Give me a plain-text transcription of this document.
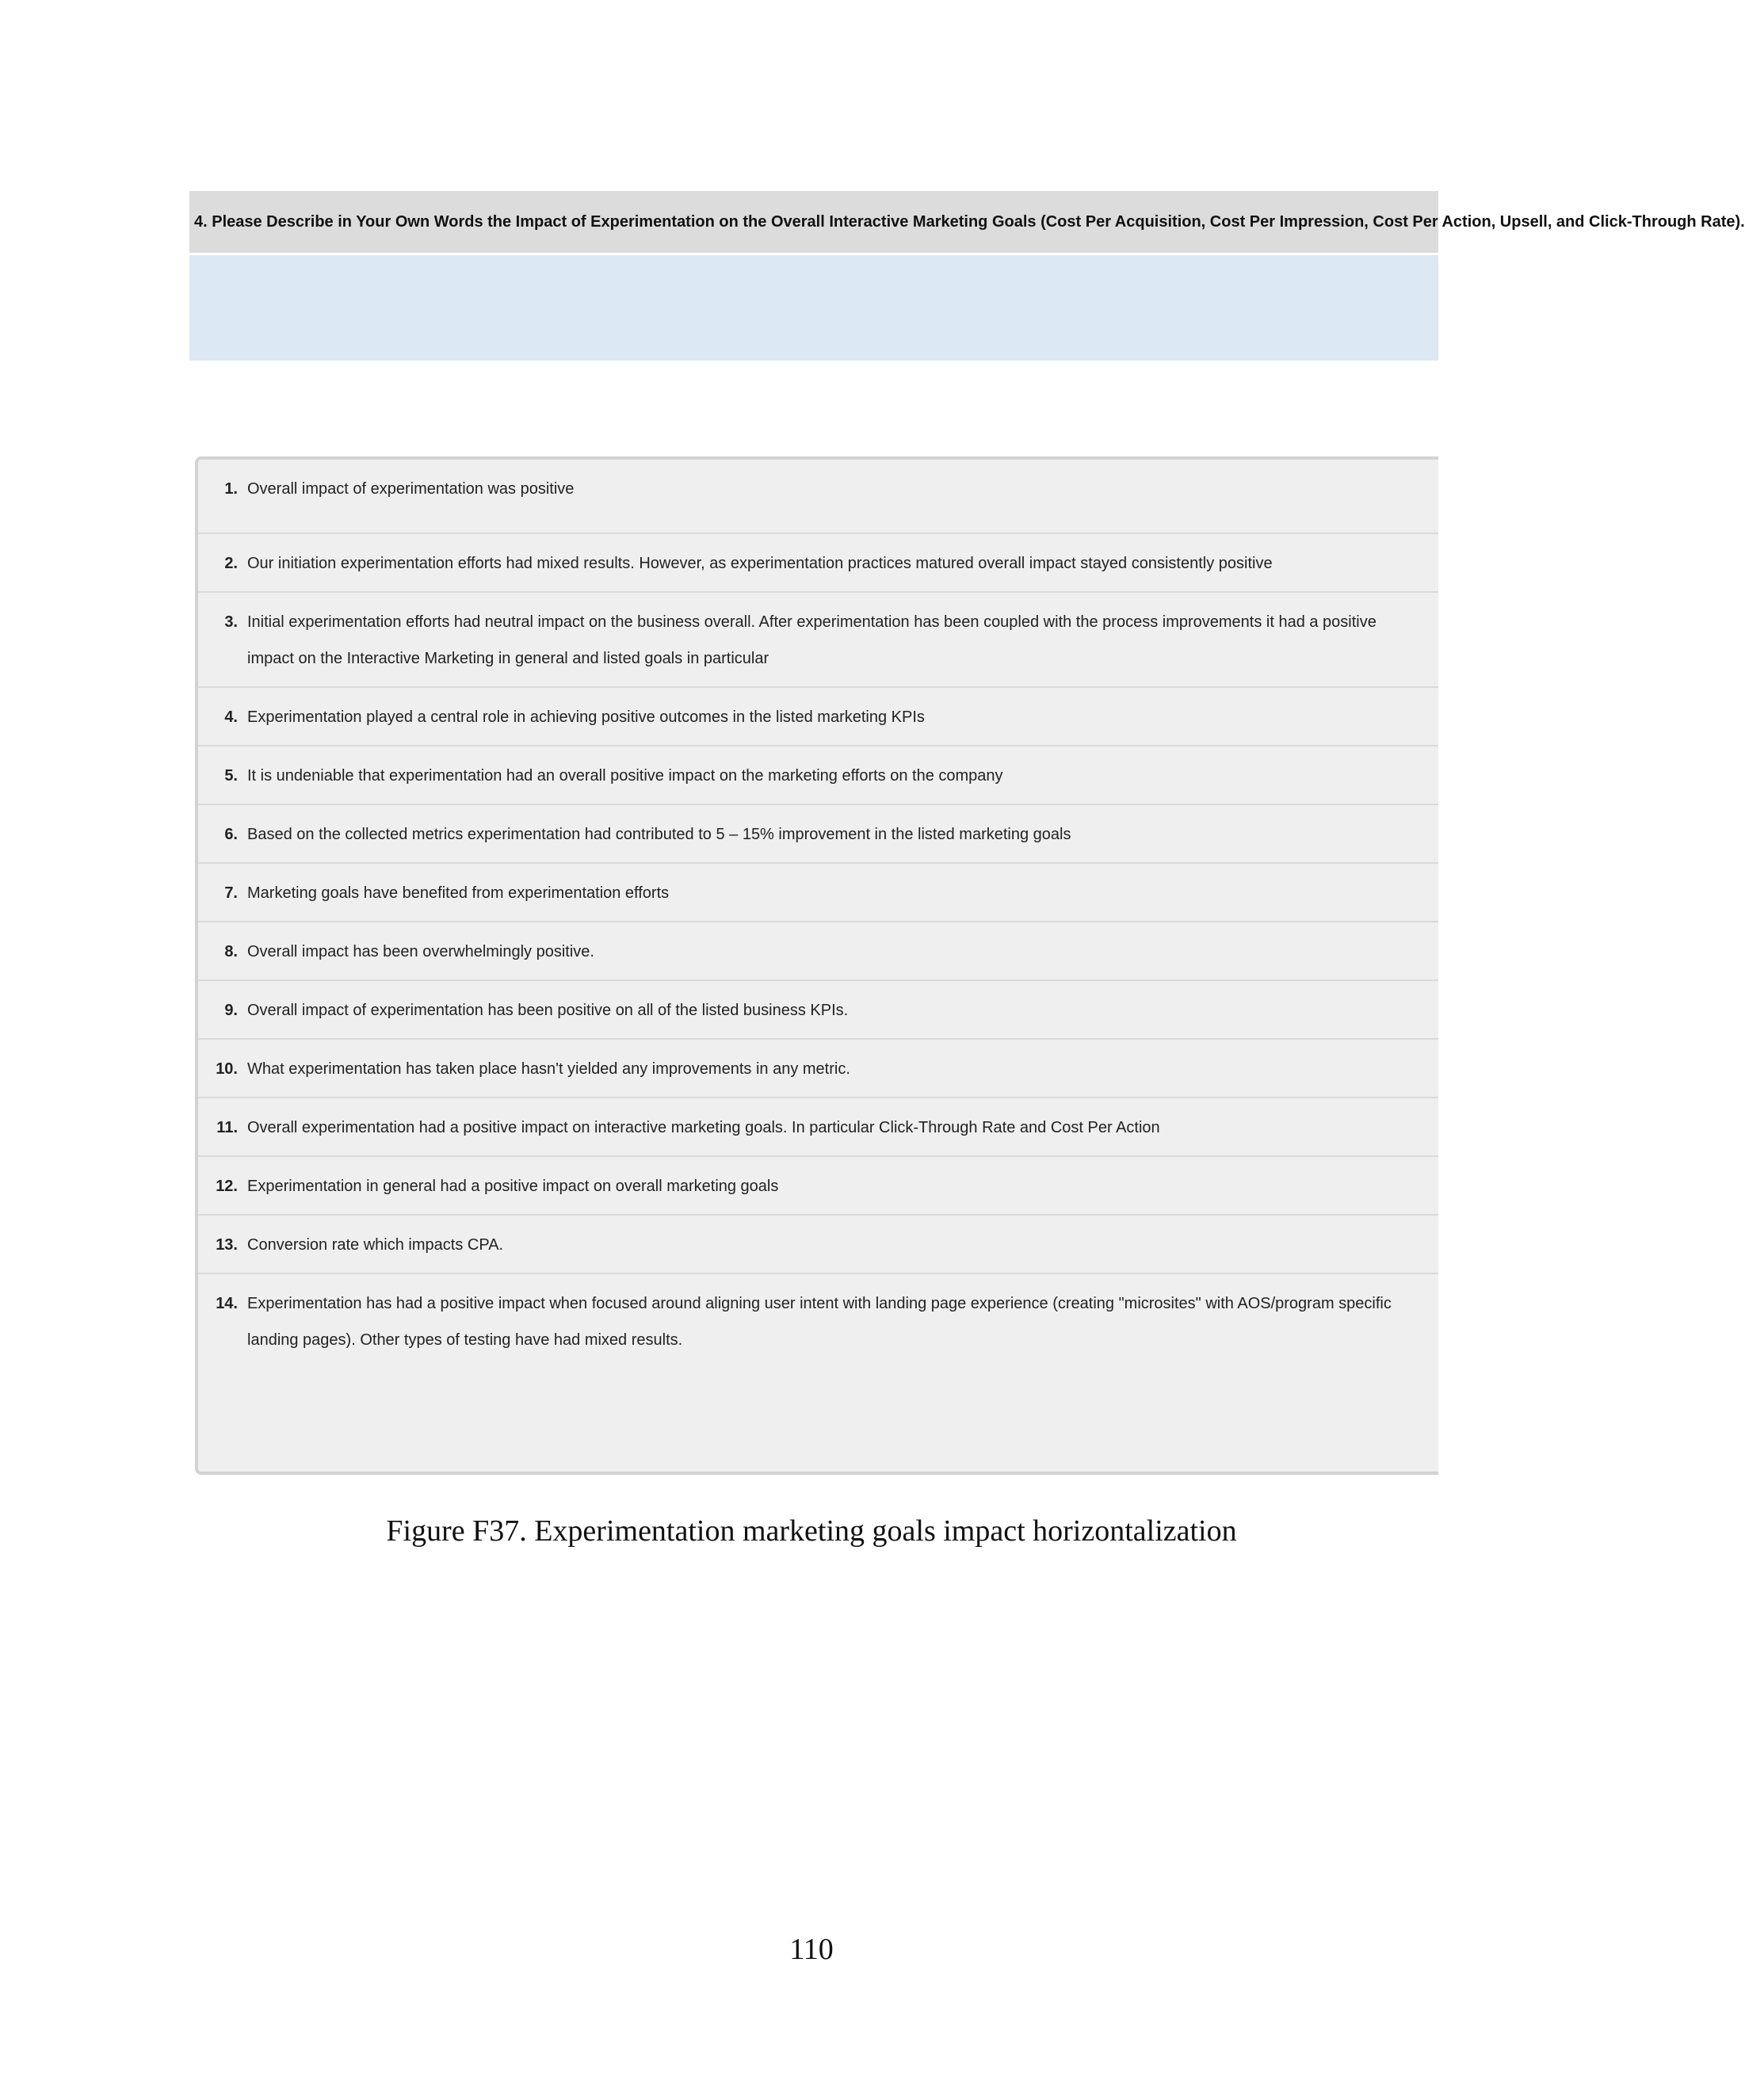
4. Please Describe in Your Own Words the Impact of Experimentation on the Overall Interactive Marketing Goals (Cost Per Acquisition, Cost Per Impression, Cost Per Action, Upsell, and Click-Through Rate).
1. Overall impact of experimentation was positive
2. Our initiation experimentation efforts had mixed results. However, as experimentation practices matured overall impact stayed consistently positive
3. Initial experimentation efforts had neutral impact on the business overall. After experimentation has been coupled with the process improvements it had a positive impact on the Interactive Marketing in general and listed goals in particular
4. Experimentation played a central role in achieving positive outcomes in the listed marketing KPIs
5. It is undeniable that experimentation had an overall positive impact on the marketing efforts on the company
6. Based on the collected metrics experimentation had contributed to 5 – 15% improvement in the listed marketing goals
7. Marketing goals have benefited from experimentation efforts
8. Overall impact has been overwhelmingly positive.
9. Overall impact of experimentation has been positive on all of the listed business KPIs.
10. What experimentation has taken place hasn't yielded any improvements in any metric.
11. Overall experimentation had a positive impact on interactive marketing goals. In particular Click-Through Rate and Cost Per Action
12. Experimentation in general had a positive impact on overall marketing goals
13. Conversion rate which impacts CPA.
14. Experimentation has had a positive impact when focused around aligning user intent with landing page experience (creating "microsites" with AOS/program specific landing pages). Other types of testing have had mixed results.
Figure F37. Experimentation marketing goals impact horizontalization
110
